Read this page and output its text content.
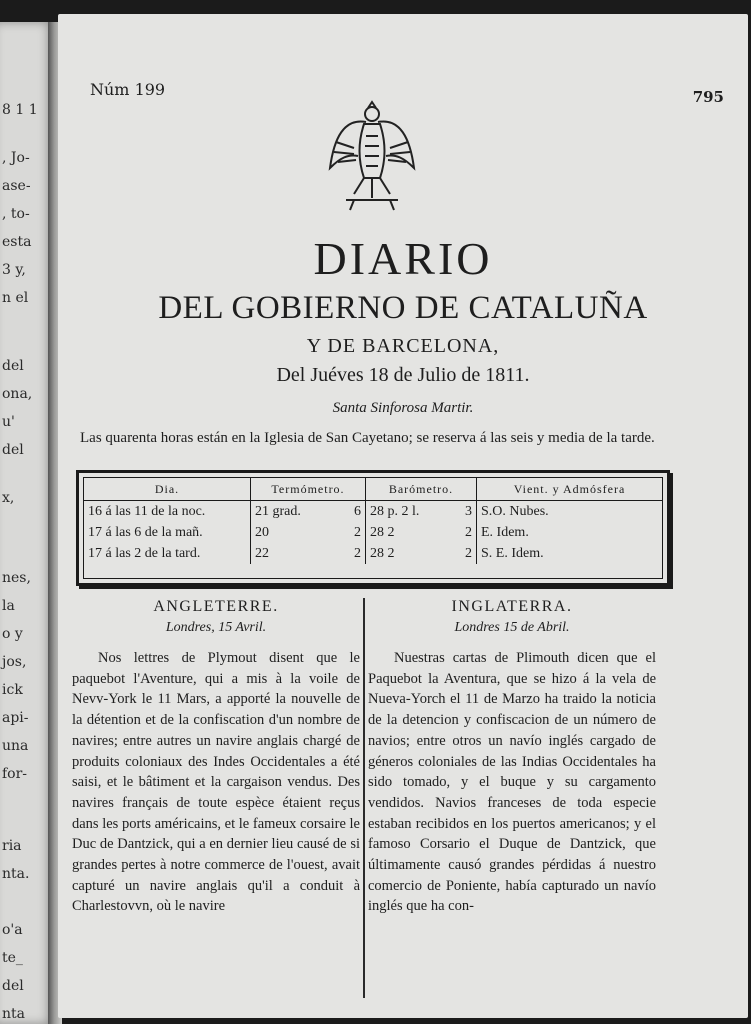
8 1 1
, Jo-
ase-
, to-
esta
3 y,
n el
del
ona,
u'
del
x,
nes,
la
o y
jos,
ick
api-
una
for-
ria
nta.
o'a
te_
del
nta
Núm 199	795
DIARIO
DEL GOBIERNO DE CATALUÑA
Y DE BARCELONA,
Del Juéves 18 de Julio de 1811.
Santa Sinforosa Martir.
Las quarenta horas están en la Iglesia de San Cayetano; se reserva á las seis y media de la tarde.
Dia.	Termómetro.	Barómetro.	Vient. y Admósfera
16 á las 11 de la noc.	21 grad. 6	28 p. 2 l. 3	S.O. Nubes.
17 á las 6 de la mañ.	20 2	28 2 2	E. Idem.
17 á las 2 de la tard.	22 2	28 2 2	S. E. Idem.
ANGLETERRE.
Londres, 15 Avril.

Nos lettres de Plymout disent que le paquebot l'Aventure, qui a mis à la voile de Nevv-York le 11 Mars, a apporté la nouvelle de la détention et de la confiscation d'un nombre de navires; entre autres un navire anglais chargé de produits coloniaux des Indes Occidentales a été saisi, et le bâtiment et la cargaison vendus. Des navires français de toute espèce étaient reçus dans les ports américains, et le fameux corsaire le Duc de Dantzick, qui a en dernier lieu causé de si grandes pertes à notre commerce de l'ouest, avait capturé un navire anglais qu'il a conduit à Charlestovvn, où le navire

INGLATERRA.
Londres 15 de Abril.

Nuestras cartas de Plimouth dicen que el Paquebot la Aventura, que se hizo á la vela de Nueva-Yorch el 11 de Marzo ha traido la noticia de la detencion y confiscacion de un número de navios; entre otros un navío inglés cargado de géneros coloniales de las Indias Occidentales ha sido tomado, y el buque y su cargamento vendidos. Navios franceses de toda especie estaban recibidos en los puertos americanos; y el famoso Corsario el Duque de Dantzick, que últimamente causó grandes pérdidas á nuestro comercio de Poniente, había capturado un navío inglés que ha con-
